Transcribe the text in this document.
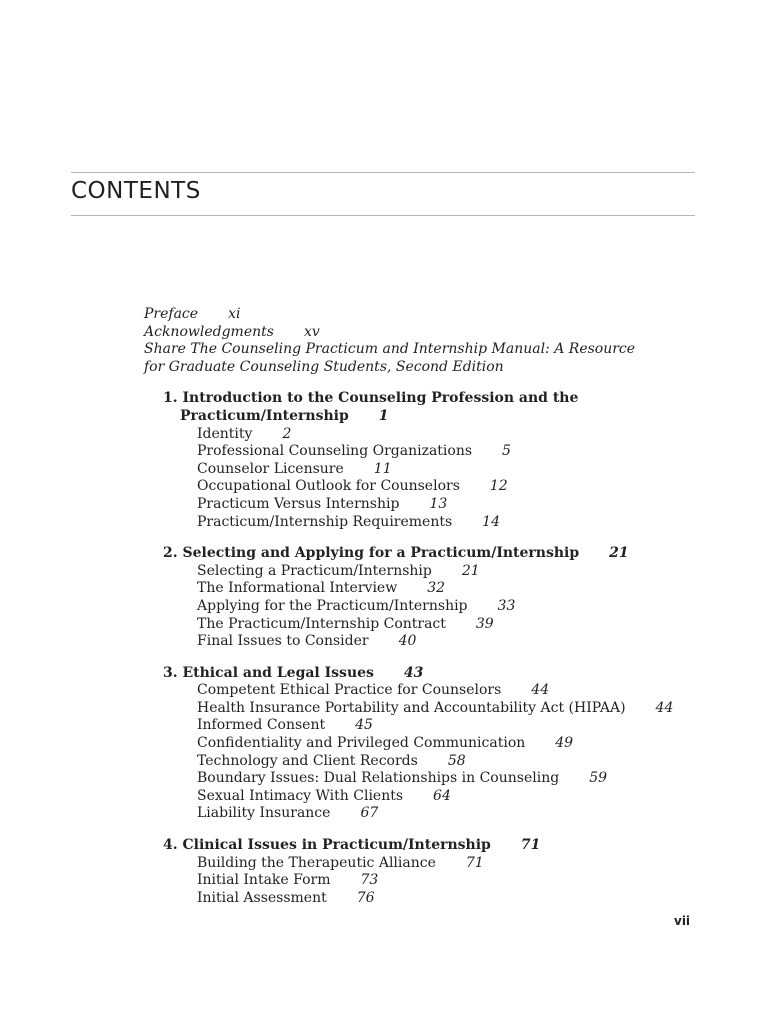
CONTENTS
Preface xi
Acknowledgments xv
Share The Counseling Practicum and Internship Manual: A Resource
for Graduate Counseling Students, Second Edition
1. Introduction to the Counseling Profession and the
Practicum/Internship 1
Identity 2
Professional Counseling Organizations 5
Counselor Licensure 11
Occupational Outlook for Counselors 12
Practicum Versus Internship 13
Practicum/Internship Requirements 14
2. Selecting and Applying for a Practicum/Internship 21
Selecting a Practicum/Internship 21
The Informational Interview 32
Applying for the Practicum/Internship 33
The Practicum/Internship Contract 39
Final Issues to Consider 40
3. Ethical and Legal Issues 43
Competent Ethical Practice for Counselors 44
Health Insurance Portability and Accountability Act (HIPAA) 44
Informed Consent 45
Confidentiality and Privileged Communication 49
Technology and Client Records 58
Boundary Issues: Dual Relationships in Counseling 59
Sexual Intimacy With Clients 64
Liability Insurance 67
4. Clinical Issues in Practicum/Internship 71
Building the Therapeutic Alliance 71
Initial Intake Form 73
Initial Assessment 76
vii
